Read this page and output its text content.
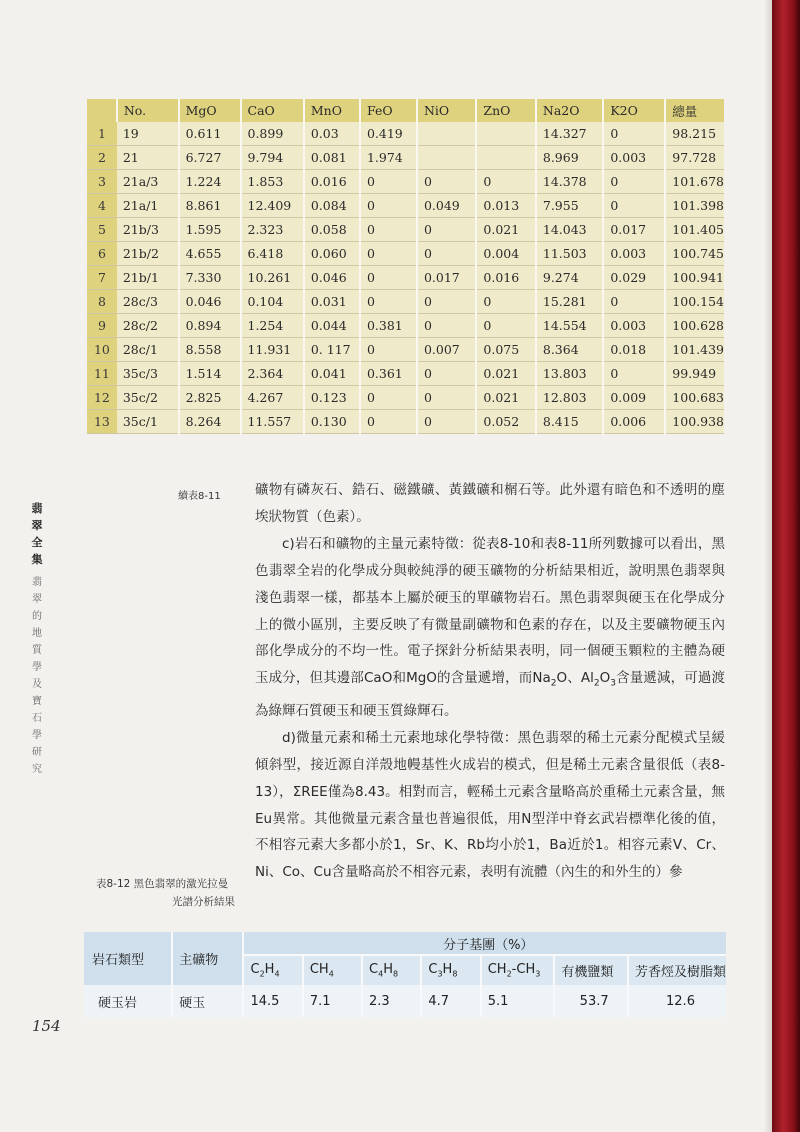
	No.	MgO	CaO	MnO	FeO	NiO	ZnO	Na2O	K2O	總量
1	19	0.611	0.899	0.03	0.419			14.327	0	98.215
2	21	6.727	9.794	0.081	1.974			8.969	0.003	97.728
3	21a/3	1.224	1.853	0.016	0	0	0	14.378	0	101.678
4	21a/1	8.861	12.409	0.084	0	0.049	0.013	7.955	0	101.398
5	21b/3	1.595	2.323	0.058	0	0	0.021	14.043	0.017	101.405
6	21b/2	4.655	6.418	0.060	0	0	0.004	11.503	0.003	100.745
7	21b/1	7.330	10.261	0.046	0	0.017	0.016	9.274	0.029	100.941
8	28c/3	0.046	0.104	0.031	0	0	0	15.281	0	100.154
9	28c/2	0.894	1.254	0.044	0.381	0	0	14.554	0.003	100.628
10	28c/1	8.558	11.931	0. 117	0	0.007	0.075	8.364	0.018	101.439
11	35c/3	1.514	2.364	0.041	0.361	0	0.021	13.803	0	99.949
12	35c/2	2.825	4.267	0.123	0	0	0.021	12.803	0.009	100.683
13	35c/1	8.264	11.557	0.130	0	0	0.052	8.415	0.006	100.938
續表8-11
翡
翠
全
集
翡
翠
的
地
質
學
及
寶
石
學
研
究

礦物有磷灰石、鋯石、磁鐵礦、黃鐵礦和榍石等。此外還有暗色和不透明的塵埃狀物質（色素）。

c)岩石和礦物的主量元素特徵：從表8-10和表8-11所列數據可以看出，黑色翡翠全岩的化學成分與較純淨的硬玉礦物的分析結果相近，說明黑色翡翠與淺色翡翠一樣，都基本上屬於硬玉的單礦物岩石。黑色翡翠與硬玉在化學成分上的微小區別，主要反映了有微量副礦物和色素的存在，以及主要礦物硬玉內部化學成分的不均一性。電子探針分析結果表明，同一個硬玉顆粒的主體為硬玉成分，但其邊部CaO和MgO的含量遞增，而$Na_2O$、$Al_2O_3$含量遞減，可過渡為綠輝石質硬玉和硬玉質綠輝石。

d)微量元素和稀土元素地球化學特徵：黑色翡翠的稀土元素分配模式呈緩傾斜型，接近源自洋殼地幔基性火成岩的模式，但是稀土元素含量很低（表8-13），ΣREE僅為8.43。相對而言，輕稀土元素含量略高於重稀土元素含量，無Eu異常。其他微量元素含量也普遍很低，用N型洋中脊玄武岩標準化後的值，不相容元素大多都小於1，Sr、K、Rb均小於1，Ba近於1。相容元素V、Cr、Ni、Co、Cu含量略高於不相容元素，表明有流體（內生的和外生的）參

表8-12 黑色翡翠的激光拉曼
光譜分析結果
岩石類型	主礦物	分子基團（%）						
		$C_2H_4$	$CH_4$	$C_4H_8$	$C_3H_8$	$CH_2-CH_3$	有機鹽類	芳香烴及樹脂類
硬玉岩	硬玉	14.5	7.1	2.3	4.7	5.1	53.7	12.6
154
